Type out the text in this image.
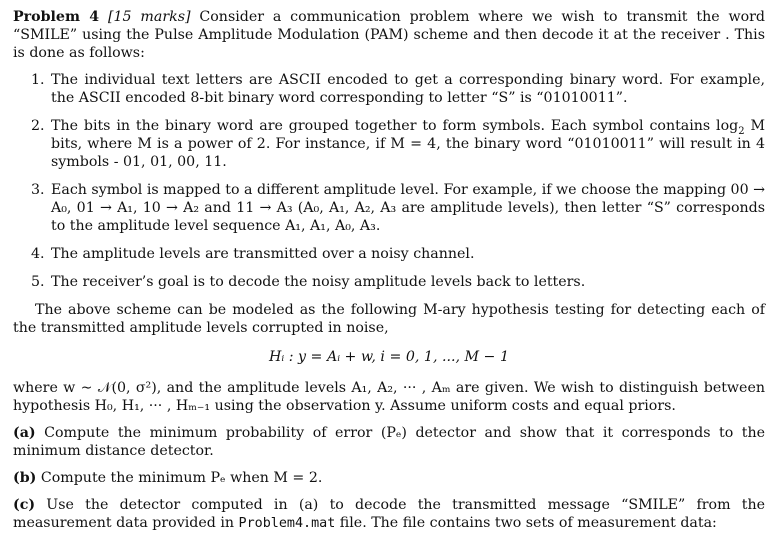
Problem 4 [15 marks] Consider a communication problem where we wish to transmit the word “SMILE” using the Pulse Amplitude Modulation (PAM) scheme and then decode it at the receiver . This is done as follows:

1. The individual text letters are ASCII encoded to get a corresponding binary word. For example, the ASCII encoded 8-bit binary word corresponding to letter “S” is “01010011”.
2. The bits in the binary word are grouped together to form symbols. Each symbol contains $\log_2 M$ bits, where M is a power of 2. For instance, if M = 4, the binary word “01010011” will result in 4 symbols - 01, 01, 00, 11.
3. Each symbol is mapped to a different amplitude level. For example, if we choose the mapping 00 → A₀, 01 → A₁, 10 → A₂ and 11 → A₃ (A₀, A₁, A₂, A₃ are amplitude levels), then letter “S” corresponds to the amplitude level sequence A₁, A₁, A₀, A₃.
4. The amplitude levels are transmitted over a noisy channel.
5. The receiver’s goal is to decode the noisy amplitude levels back to letters.

The above scheme can be modeled as the following M-ary hypothesis testing for detecting each of the transmitted amplitude levels corrupted in noise,

Hᵢ : y = Aᵢ + w, i = 0, 1, ..., M − 1

where w ∼ 𝒩(0, σ²), and the amplitude levels A₁, A₂, ··· , Aₘ are given. We wish to distinguish between hypothesis H₀, H₁, ··· , Hₘ₋₁ using the observation y. Assume uniform costs and equal priors.

(a) Compute the minimum probability of error (Pₑ) detector and show that it corresponds to the minimum distance detector.

(b) Compute the minimum Pₑ when M = 2.

(c) Use the detector computed in (a) to decode the transmitted message “SMILE” from the measurement data provided in Problem4.mat file. The file contains two sets of measurement data:
